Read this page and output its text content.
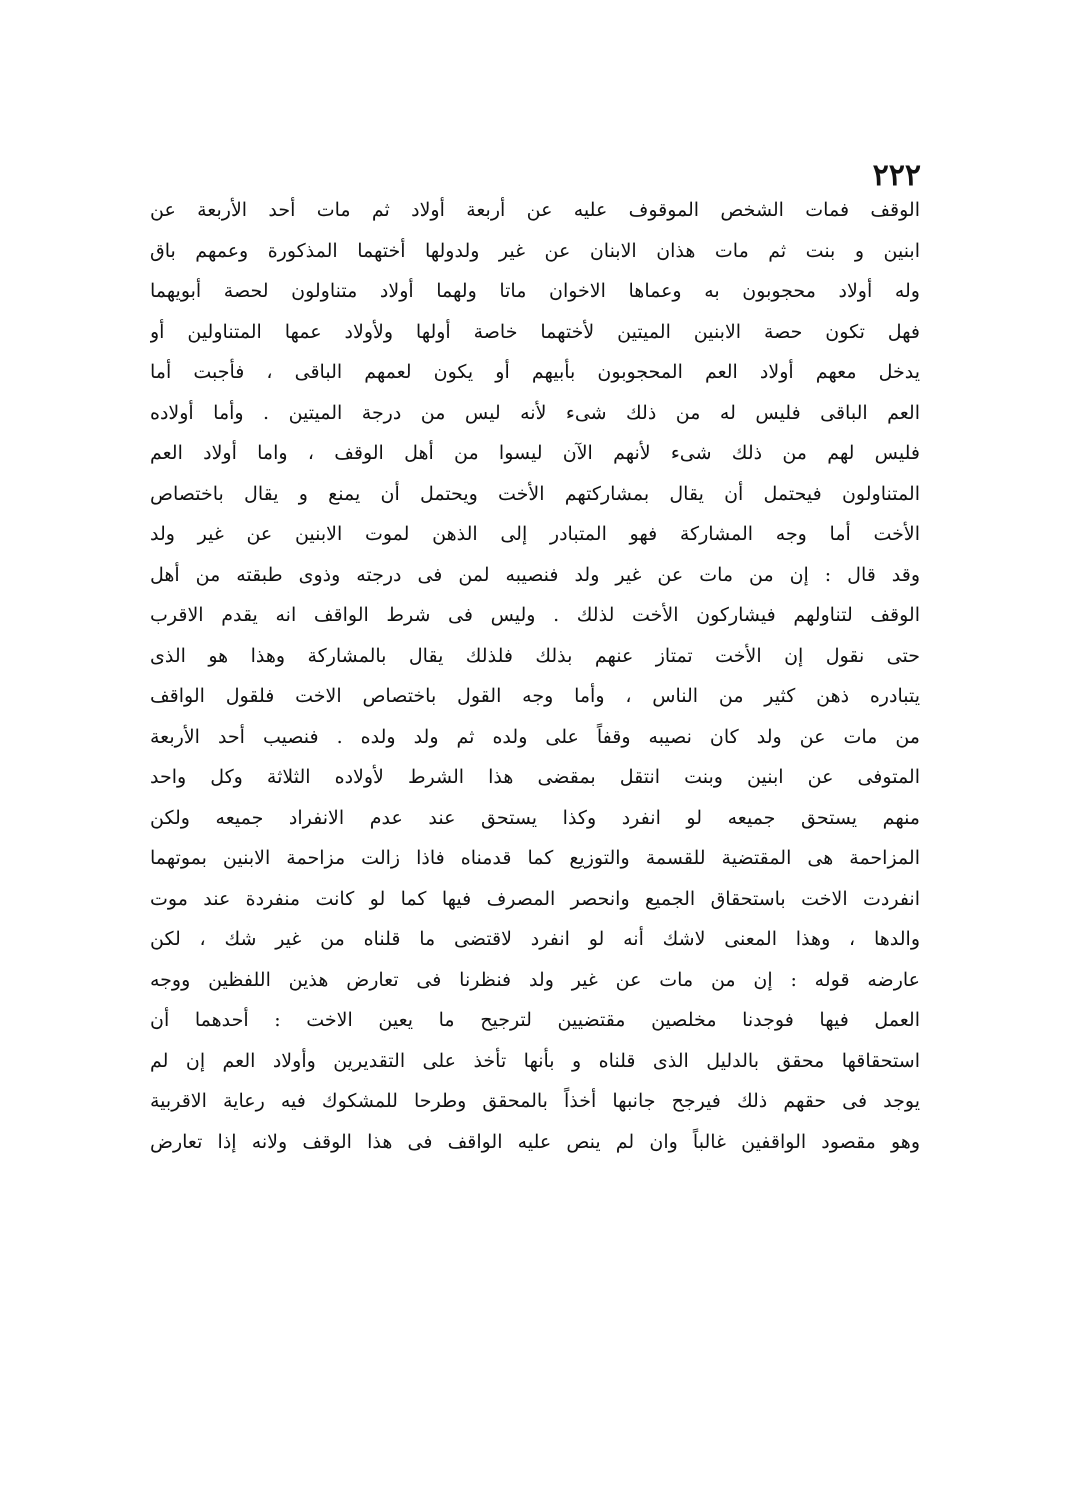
٢٢٢
الوقف فمات الشخص الموقوف عليه عن أربعة أولاد ثم مات أحد الأربعة عن
ابنين و بنت ثم مات هذان الابنان عن غير ولدولها أختهما المذكورة وعمهم باق
وله أولاد محجوبون به وعماها الاخوان ماتا ولهما أولاد متناولون لحصة أبويهما
فهل تكون حصة الابنين الميتين لأختهما خاصة أولها ولأولاد عمها المتناولين أو
يدخل معهم أولاد العم المحجوبون بأبيهم أو يكون لعمهم الباقى ، فأجبت أما
العم الباقى فليس له من ذلك شىء لأنه ليس من درجة الميتين . وأما أولاده
فليس لهم من ذلك شىء لأنهم الآن ليسوا من أهل الوقف ، واما أولاد العم
المتناولون فيحتمل أن يقال بمشاركتهم الأخت ويحتمل أن يمنع و يقال باختصاص
الأخت أما وجه المشاركة فهو المتبادر إلى الذهن لموت الابنين عن غير ولد
وقد قال : إن من مات عن غير ولد فنصيبه لمن فى درجته وذوى طبقته من أهل
الوقف لتناولهم فيشاركون الأخت لذلك . وليس فى شرط الواقف انه يقدم الاقرب
حتى نقول إن الأخت تمتاز عنهم بذلك فلذلك يقال بالمشاركة وهذا هو الذى
يتبادره ذهن كثير من الناس ، وأما وجه القول باختصاص الاخت فلقول الواقف
من مات عن ولد كان نصيبه وقفاً على ولده ثم ولد ولده . فنصيب أحد الأربعة
المتوفى عن ابنين وبنت انتقل بمقضى هذا الشرط لأولاده الثلاثة وكل واحد
منهم يستحق جميعه لو انفرد وكذا يستحق عند عدم الانفراد جميعه ولكن
المزاحمة هى المقتضية للقسمة والتوزيع كما قدمناه فاذا زالت مزاحمة الابنين بموتهما
انفردت الاخت باستحقاق الجميع وانحصر المصرف فيها كما لو كانت منفردة عند موت
والدها ، وهذا المعنى لاشك أنه لو انفرد لاقتضى ما قلناه من غير شك ، لكن
عارضه قوله : إن من مات عن غير ولد فنظرنا فى تعارض هذين اللفظين ووجه
العمل فيها فوجدنا مخلصين مقتضيين لترجيح ما يعين الاخت : أحدهما أن
استحقاقها محقق بالدليل الذى قلناه و بأنها تأخذ على التقديرين وأولاد العم إن لم
يوجد فى حقهم ذلك فيرجح جانبها أخذاً بالمحقق وطرحا للمشكوك فيه رعاية الاقربية
وهو مقصود الواقفين غالباً وان لم ينص عليه الواقف فى هذا الوقف ولانه إذا تعارض
